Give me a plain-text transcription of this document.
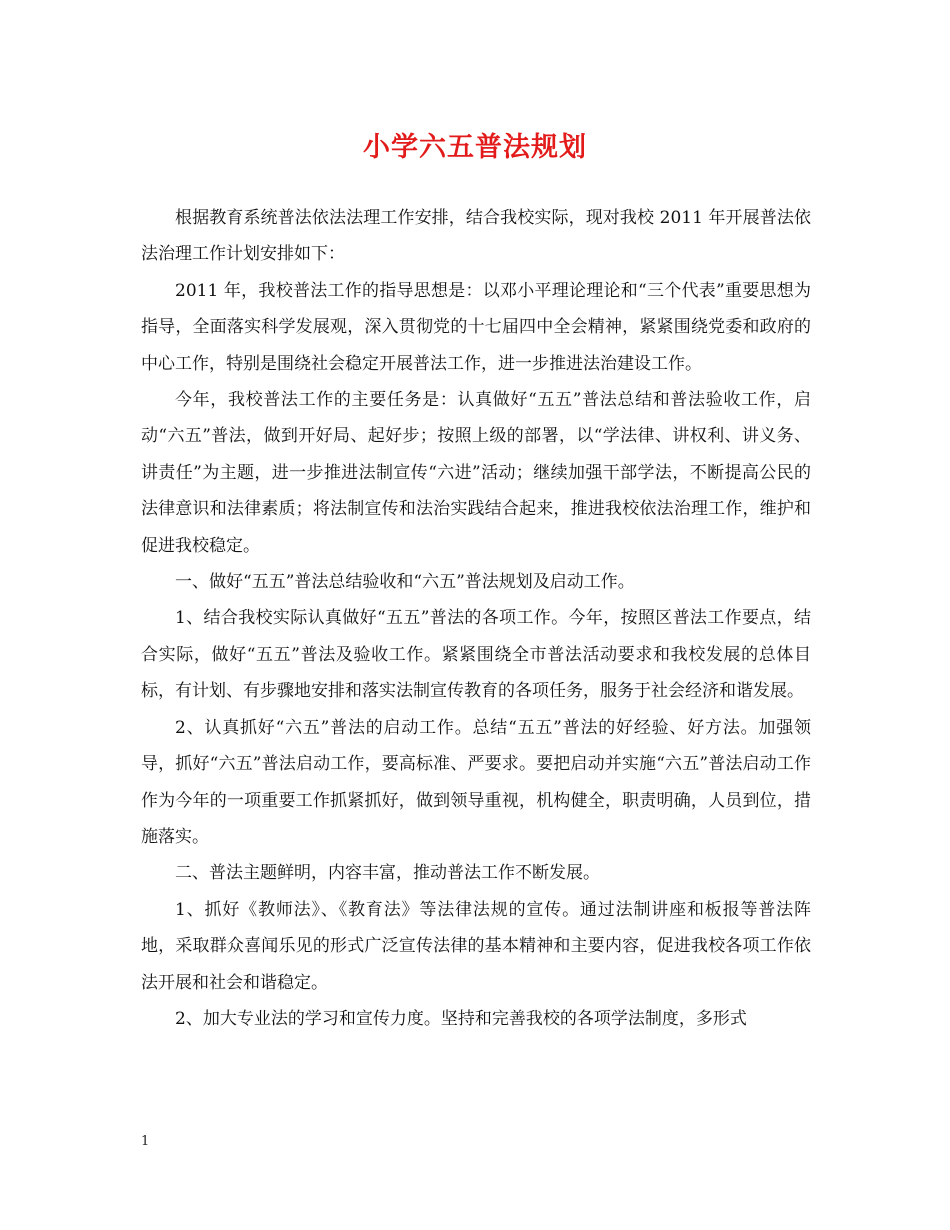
小学六五普法规划

根据教育系统普法依法法理工作安排，结合我校实际，现对我校 2011 年开展普法依法治理工作计划安排如下：

2011 年，我校普法工作的指导思想是：以邓小平理论理论和“三个代表”重要思想为指导，全面落实科学发展观，深入贯彻党的十七届四中全会精神，紧紧围绕党委和政府的中心工作，特别是围绕社会稳定开展普法工作，进一步推进法治建设工作。

今年，我校普法工作的主要任务是：认真做好“五五”普法总结和普法验收工作，启动“六五”普法，做到开好局、起好步；按照上级的部署，以“学法律、讲权利、讲义务、讲责任”为主题，进一步推进法制宣传“六进”活动；继续加强干部学法，不断提高公民的法律意识和法律素质；将法制宣传和法治实践结合起来，推进我校依法治理工作，维护和促进我校稳定。

一、做好“五五”普法总结验收和“六五”普法规划及启动工作。

1、结合我校实际认真做好“五五”普法的各项工作。今年，按照区普法工作要点，结合实际，做好“五五”普法及验收工作。紧紧围绕全市普法活动要求和我校发展的总体目标，有计划、有步骤地安排和落实法制宣传教育的各项任务，服务于社会经济和谐发展。

2、认真抓好“六五”普法的启动工作。总结“五五”普法的好经验、好方法。加强领导，抓好“六五”普法启动工作，要高标准、严要求。要把启动并实施“六五”普法启动工作作为今年的一项重要工作抓紧抓好，做到领导重视，机构健全，职责明确，人员到位，措施落实。

二、普法主题鲜明，内容丰富，推动普法工作不断发展。

1、抓好《教师法》、《教育法》等法律法规的宣传。通过法制讲座和板报等普法阵地，采取群众喜闻乐见的形式广泛宣传法律的基本精神和主要内容，促进我校各项工作依法开展和社会和谐稳定。

2、加大专业法的学习和宣传力度。坚持和完善我校的各项学法制度，多形式

1
